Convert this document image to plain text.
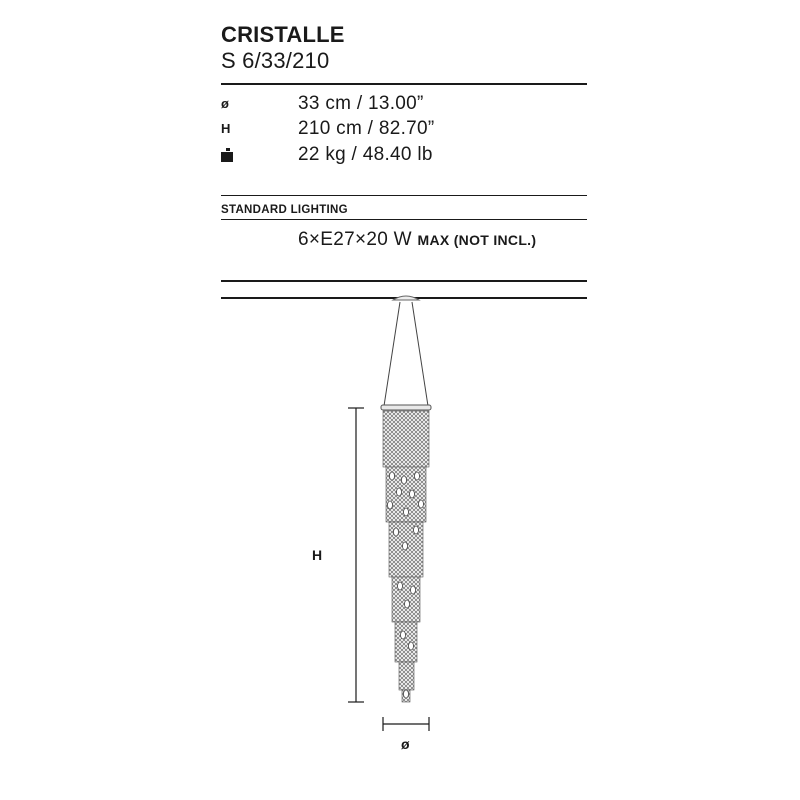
CRISTALLE
S 6/33/210
ø	33 cm / 13.00”
H	210 cm / 82.70”
22 kg / 48.40 lb
STANDARD LIGHTING
6×E27×20 W MAX (NOT INCL.)
H
ø
